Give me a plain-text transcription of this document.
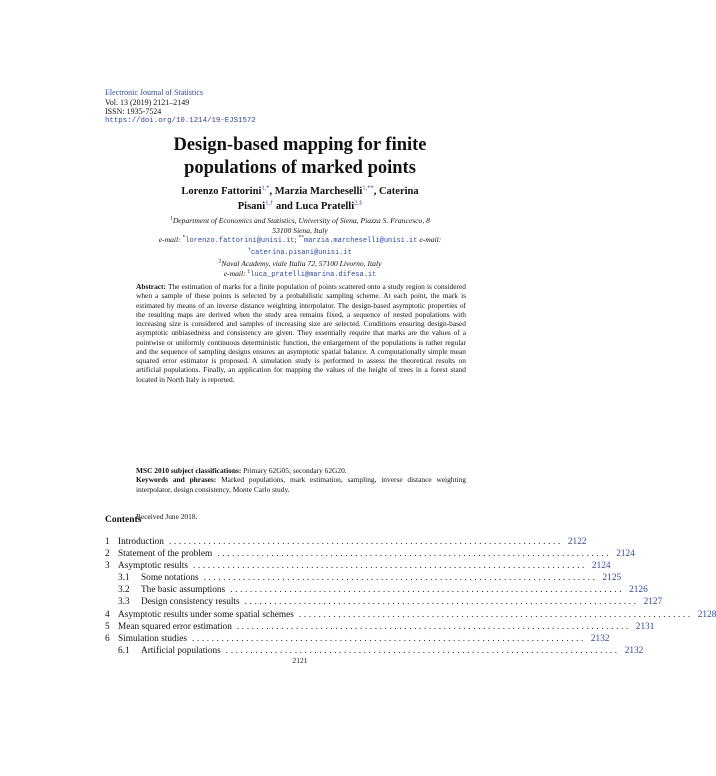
Electronic Journal of Statistics
Vol. 13 (2019) 2121–2149
ISSN: 1935-7524
https://doi.org/10.1214/19-EJS1572
Design-based mapping for finite
populations of marked points
Lorenzo Fattorini$^{1,*}$, Marzia Marcheselli$^{1,**}$, Caterina
Pisani$^{1,\dagger}$ and Luca Pratelli$^{2,\ddagger}$
$^1$Department of Economics and Statistics, University of Siena, Piazza S. Francesco, 8
53100 Siena, Italy
e-mail: *lorenzo.fattorini@unisi.it; **marzia.marcheselli@unisi.it e-mail:
†caterina.pisani@unisi.it
$^2$Naval Academy, viale Italia 72, 57100 Livorno, Italy
e-mail: ‡luca_pratelli@marina.difesa.it
Abstract: The estimation of marks for a finite population of points scattered onto a study region is considered when a sample of these points is selected by a probabilistic sampling scheme. At each point, the mark is estimated by means of an inverse distance weighting interpolator. The design-based asymptotic properties of the resulting maps are derived when the study area remains fixed, a sequence of nested populations with increasing size is considered and samples of increasing size are selected. Conditions ensuring design-based asymptotic unbiasedness and consistency are given. They essentially require that marks are the values of a pointwise or uniformly continuous deterministic function, the enlargement of the populations is rather regular and the sequence of sampling designs ensures an asymptotic spatial balance. A computationally simple mean squared error estimator is proposed. A simulation study is performed to assess the theoretical results on artificial populations. Finally, an application for mapping the values of the height of trees in a forest stand located in North Italy is reported.

MSC 2010 subject classifications: Primary 62G05; secondary 62G20.

Keywords and phrases: Marked populations, mark estimation, sampling, inverse distance weighting interpolator, design consistency, Monte Carlo study.

Received June 2018.
Contents
1 Introduction ................................................................................ 2122
2 Statement of the problem ................................................................................ 2124
3 Asymptotic results ................................................................................ 2124
3.1	Some notations ................................................................................ 2125
3.2	The basic assumptions ................................................................................ 2126
3.3	Design consistency results ................................................................................ 2127
4 Asymptotic results under some spatial schemes ................................................................................ 2128
5 Mean squared error estimation ................................................................................ 2131
6 Simulation studies ................................................................................ 2132
6.1	Artificial populations ................................................................................ 2132
2121
